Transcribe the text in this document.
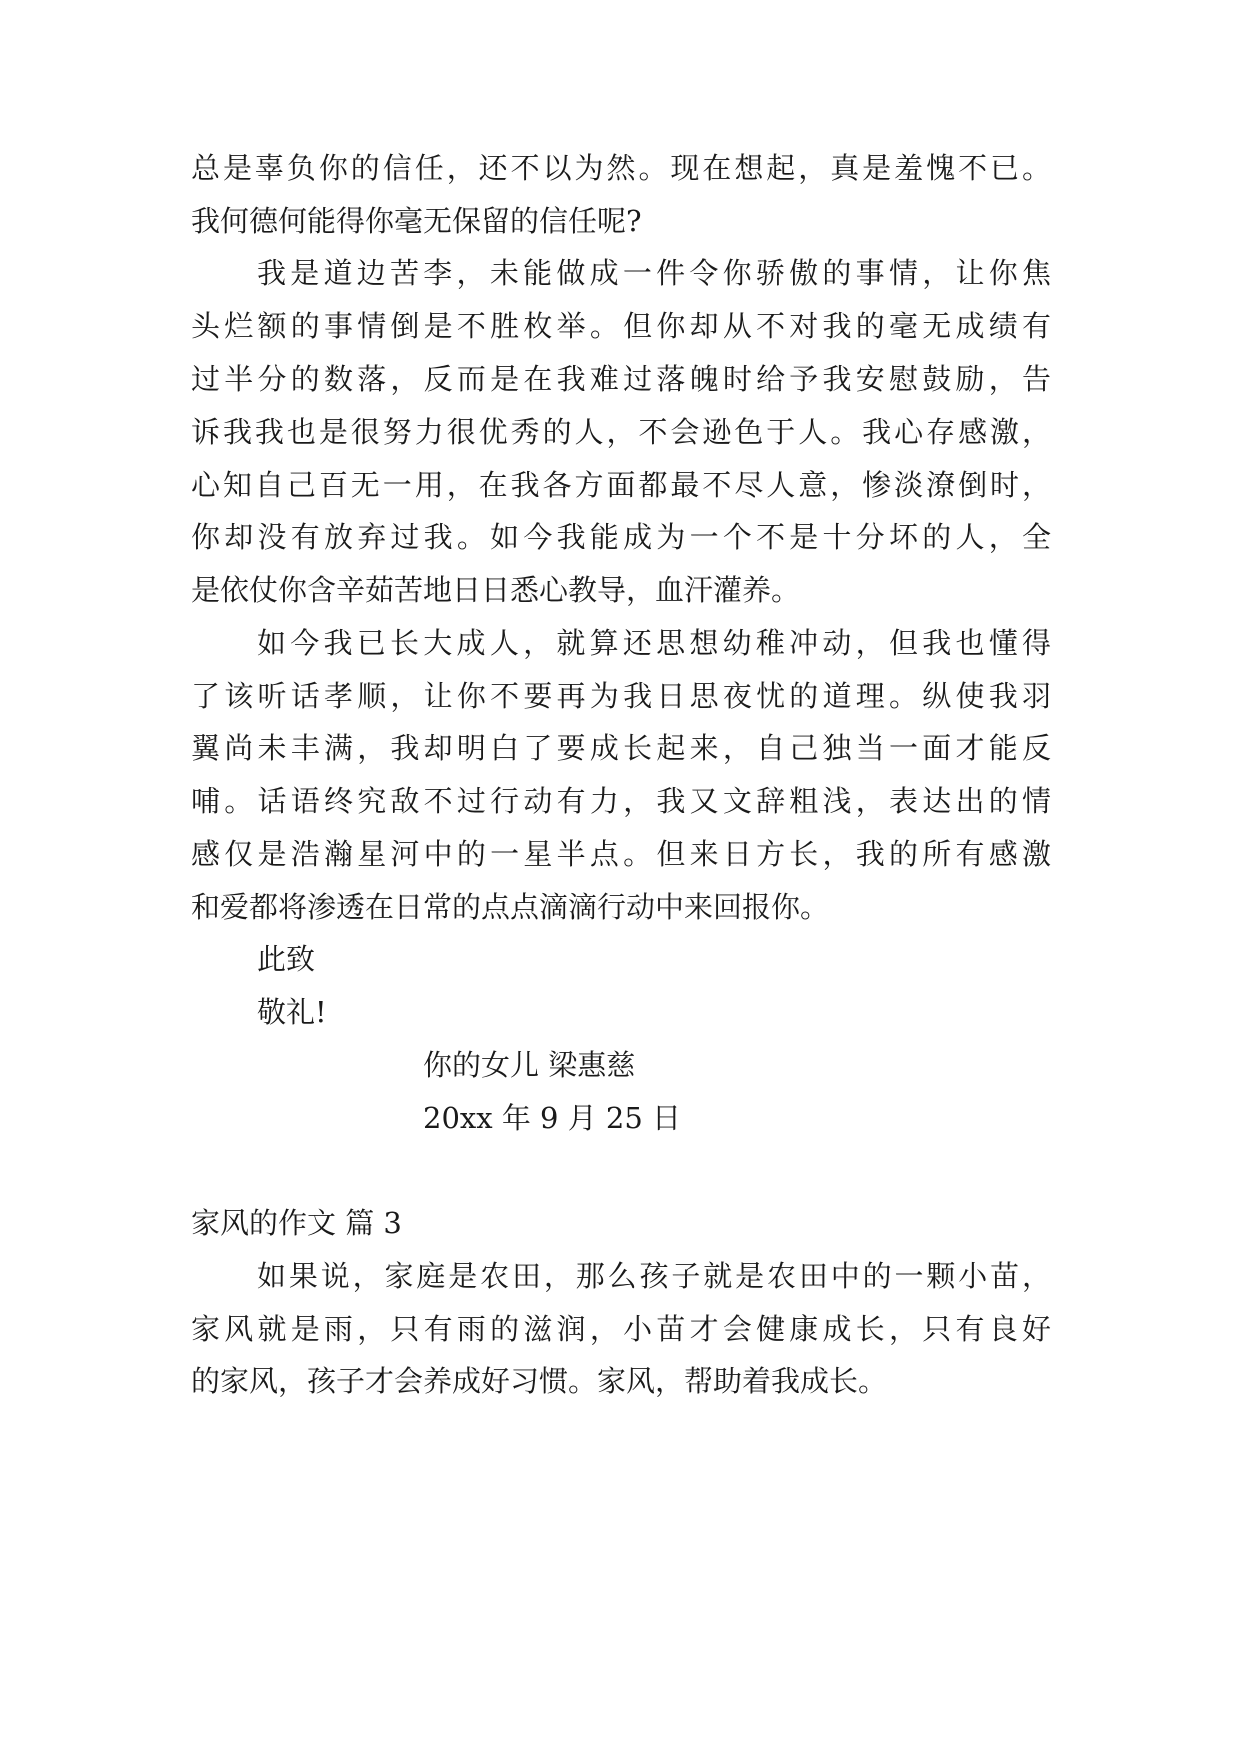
总是辜负你的信任，还不以为然。现在想起，真是羞愧不已。
我何德何能得你毫无保留的信任呢?
我是道边苦李，未能做成一件令你骄傲的事情，让你焦
头烂额的事情倒是不胜枚举。但你却从不对我的毫无成绩有
过半分的数落，反而是在我难过落魄时给予我安慰鼓励，告
诉我我也是很努力很优秀的人，不会逊色于人。我心存感激，
心知自己百无一用，在我各方面都最不尽人意，惨淡潦倒时，
你却没有放弃过我。如今我能成为一个不是十分坏的人，全
是依仗你含辛茹苦地日日悉心教导，血汗灌养。
如今我已长大成人，就算还思想幼稚冲动，但我也懂得
了该听话孝顺，让你不要再为我日思夜忧的道理。纵使我羽
翼尚未丰满，我却明白了要成长起来，自己独当一面才能反
哺。话语终究敌不过行动有力，我又文辞粗浅，表达出的情
感仅是浩瀚星河中的一星半点。但来日方长，我的所有感激
和爱都将渗透在日常的点点滴滴行动中来回报你。
此致
敬礼!
你的女儿 梁惠慈
20xx 年 9 月 25 日
家风的作文 篇 3
如果说，家庭是农田，那么孩子就是农田中的一颗小苗，
家风就是雨，只有雨的滋润，小苗才会健康成长，只有良好
的家风，孩子才会养成好习惯。家风，帮助着我成长。
